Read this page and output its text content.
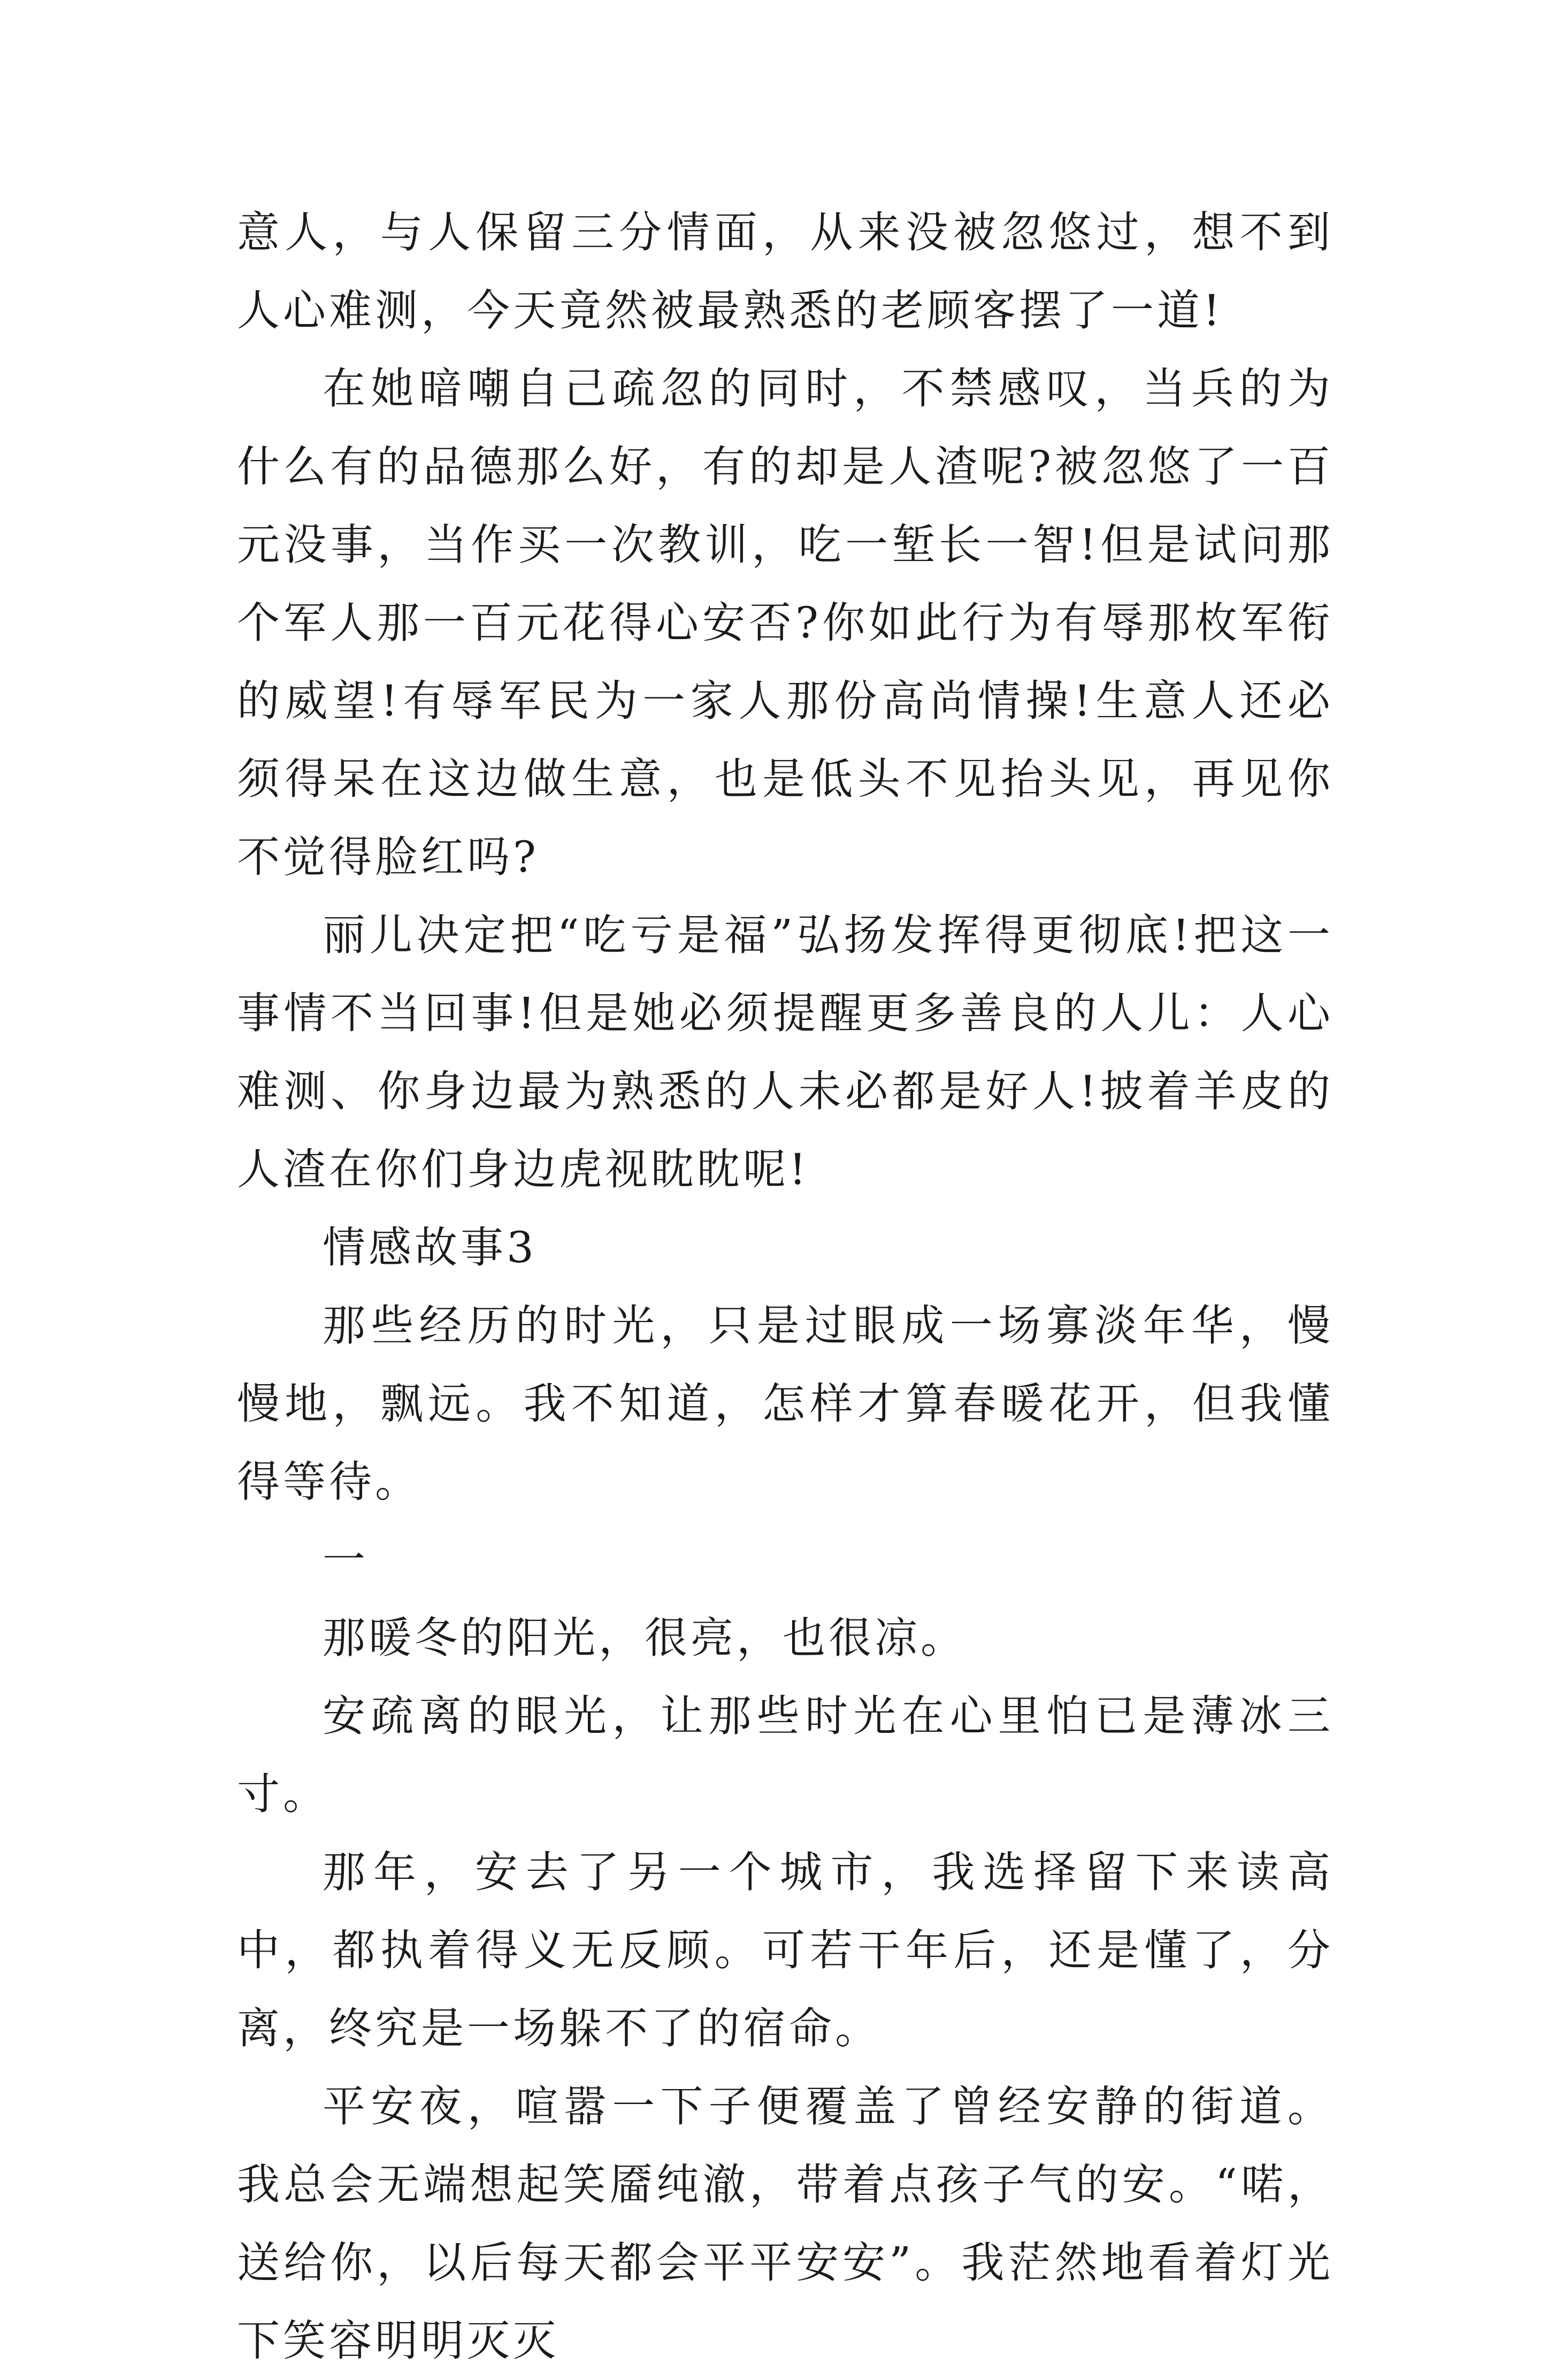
意人，与人保留三分情面，从来没被忽悠过，想不到人心难测，今天竟然被最熟悉的老顾客摆了一道!

在她暗嘲自己疏忽的同时，不禁感叹，当兵的为什么有的品德那么好，有的却是人渣呢?被忽悠了一百元没事，当作买一次教训，吃一堑长一智!但是试问那个军人那一百元花得心安否?你如此行为有辱那枚军衔的威望!有辱军民为一家人那份高尚情操!生意人还必须得呆在这边做生意，也是低头不见抬头见，再见你不觉得脸红吗?

丽儿决定把“吃亏是福”弘扬发挥得更彻底!把这一事情不当回事!但是她必须提醒更多善良的人儿：人心难测、你身边最为熟悉的人未必都是好人!披着羊皮的人渣在你们身边虎视眈眈呢!

情感故事3

那些经历的时光，只是过眼成一场寡淡年华，慢慢地，飘远。我不知道，怎样才算春暖花开，但我懂得等待。

一

那暖冬的阳光，很亮，也很凉。

安疏离的眼光，让那些时光在心里怕已是薄冰三寸。

那年，安去了另一个城市，我选择留下来读高中，都执着得义无反顾。可若干年后，还是懂了，分离，终究是一场躲不了的宿命。

平安夜，喧嚣一下子便覆盖了曾经安静的街道。我总会无端想起笑靥纯澈，带着点孩子气的安。“喏，送给你，以后每天都会平平安安”。我茫然地看着灯光下笑容明明灭灭
